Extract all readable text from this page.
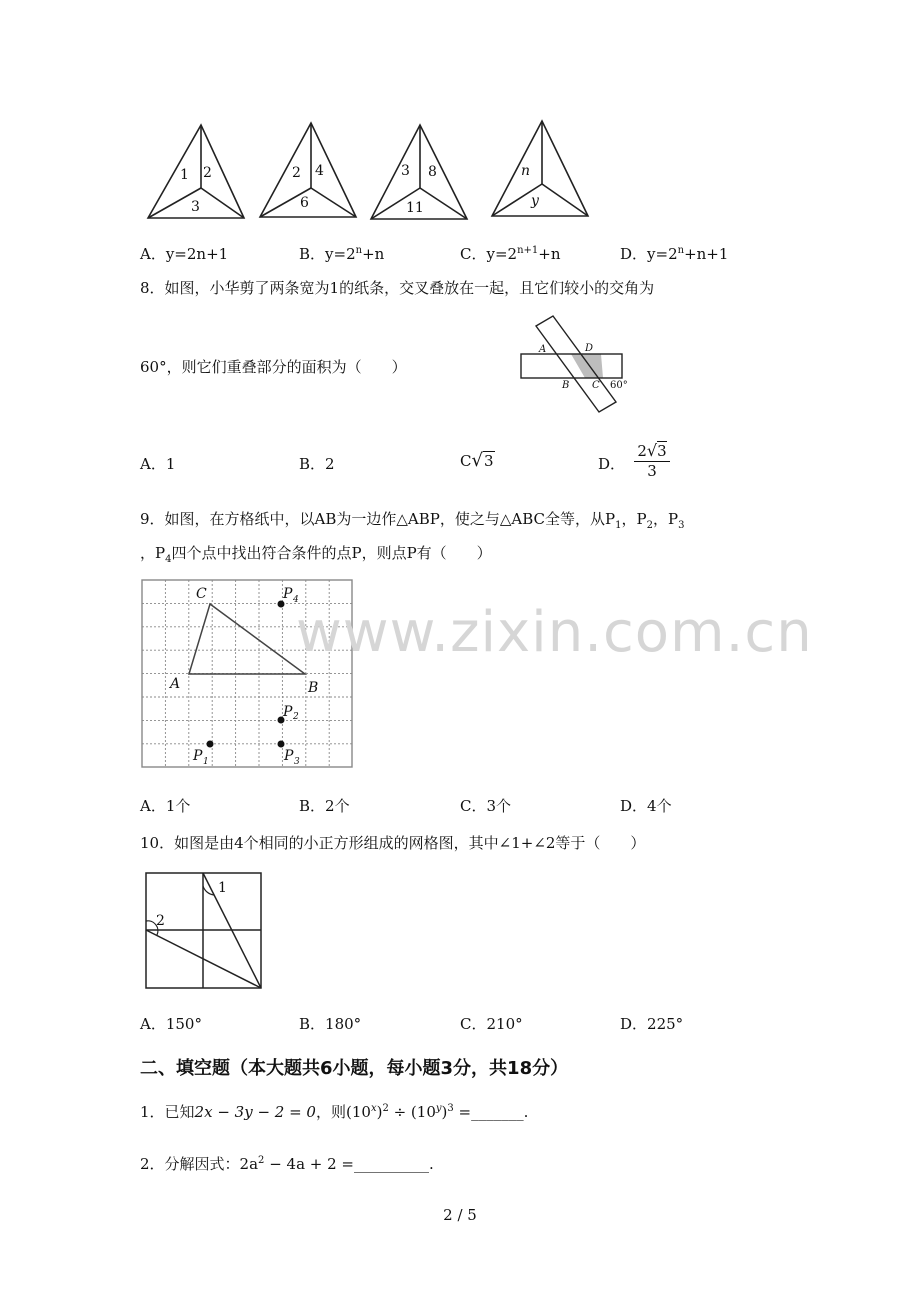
1 2
3
2 4
6
3 8
11
n
y
A．y=2n+1	B．$y=2^n+n$	C．$y=2^{n+1}+n$	D．$y=2^n+n+1$
8．如图，小华剪了两条宽为1的纸条，交叉叠放在一起，且它们较小的交角为
60°，则它们重叠部分的面积为（　　）
A	D
B C 60°
A．1	B．2	C √ 3	D．
2√3
3
9．如图，在方格纸中，以AB为一边作△ABP，使之与△ABC全等，从$P_1$，$P_2$，$P_3$
，$P_4$四个点中找出符合条件的点P，则点P有（　　）
C
A	B
P
P
P	P
4
2
1	3
www.zixin.com.cn
A．1个	B．2个	C．3个	D．4个
10．如图是由4个相同的小正方形组成的网格图，其中∠1+∠2等于（　　）
1
2
A．150°	B．180°	C．210°	D．225°
二、填空题（本大题共6小题，每小题3分，共18分）
1．已知2x − 3y − 2 = 0，则$(10^x)^2 \div (10^y)^3$ =_______.
2．分解因式：$2a^2 - 4a + 2$ =__________.
2 / 5
